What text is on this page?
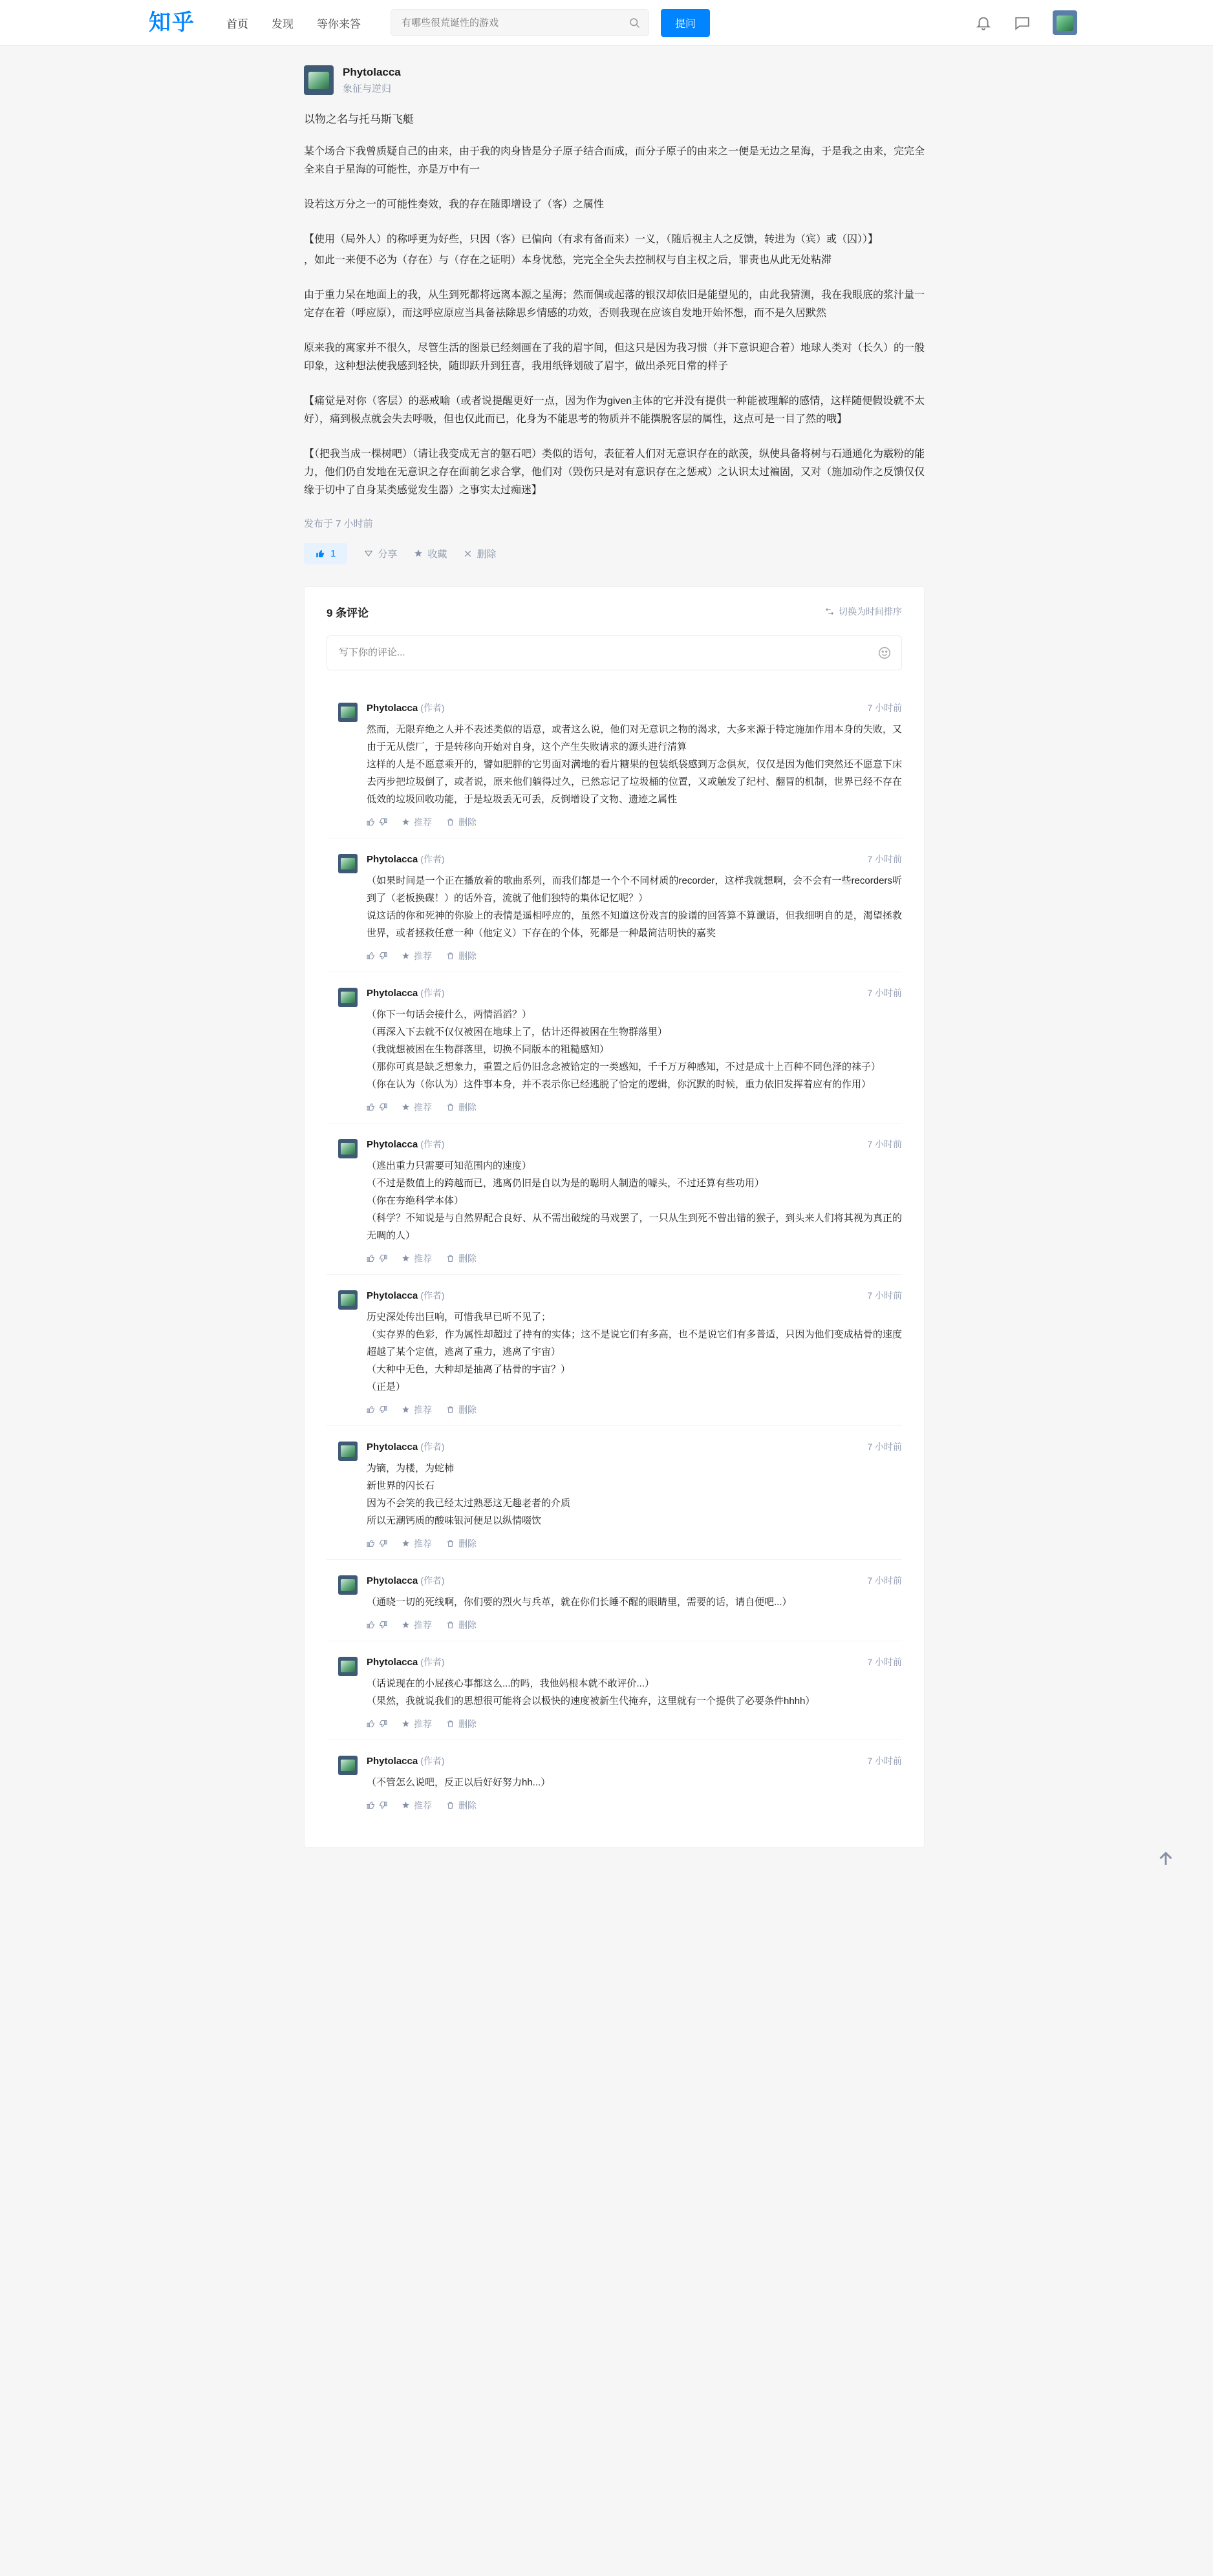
知乎	首页 发现 等你来答
有哪些很荒诞性的游戏	提问
Phytolacca
象征与逆归
以物之名与托马斯飞艇

某个场合下我曾质疑自己的由来，由于我的肉身皆是分子原子结合而成，而分子原子的由来之一便是无边之星海，于是我之由来，完完全全来自于星海的可能性，亦是万中有一

设若这万分之一的可能性奏效，我的存在随即增设了（客）之属性

【使用（局外人）的称呼更为好些，只因（客）已偏向（有求有备而来）一义，（随后视主人之反馈，转进为（宾）或（囚））】

，如此一来便不必为（存在）与（存在之证明）本身忧愁，完完全全失去控制权与自主权之后，罪责也从此无处粘滞

由于重力呆在地面上的我，从生到死都将远离本源之星海；然而偶或起落的银汉却依旧是能望见的，由此我猜测，我在我眼底的浆汁量一定存在着（呼应原），而这呼应原应当具备祛除思乡情感的功效，否则我现在应该自发地开始怀想，而不是久居默然

原来我的寓家并不很久，尽管生活的图景已经刻画在了我的眉宇间，但这只是因为我习惯（并下意识迎合着）地球人类对（长久）的一般印象，这种想法使我感到轻快，随即跃升到狂喜，我用纸锋划破了眉宇，做出杀死日常的样子

【痛觉是对你（客层）的恶戒喻（或者说提醒更好一点，因为作为given主体的它并没有提供一种能被理解的感情，这样随便假设就不太好），痛到极点就会失去呼吸，但也仅此而已，化身为不能思考的物质并不能撰脱客层的属性，这点可是一目了然的哦】

【（把我当成一棵树吧）（请让我变成无言的躯石吧）类似的语句，表征着人们对无意识存在的歆羡，纵使具备将树与石通通化为霰粉的能力，他们仍自发地在无意识之存在面前乞求合掌，他们对（毁伤只是对有意识存在之惩戒）之认识太过褊固，又对（施加动作之反馈仅仅缘于切中了自身某类感觉发生器）之事实太过痴迷】

发布于 7 小时前
1	分享	收藏	删除
9 条评论	切换为时间排序
写下你的评论...
Phytolacca (作者)	7 小时前

然而，无限弃绝之人并不表述类似的语意，或者这么说，他们对无意识之物的渴求，大多来源于特定施加作用本身的失败，又由于无从偿厂，于是转移向开始对自身，这个产生失败请求的源头进行清算

这样的人是不愿意乘开的，譬如肥胖的它男面对满地的看片糖果的包装纸袋感到万念俱灰，仅仅是因为他们突然还不愿意下床去丙步把垃圾倒了，或者说，原来他们躺得过久，已然忘记了垃圾桶的位置，又或触发了纪村、翻冒的机制，世界已经不存在低效的垃圾回收功能，于是垃圾丢无可丢，反倒增设了文物、遗迹之属性

推荐	删除
Phytolacca (作者)	7 小时前

（如果时间是一个正在播放着的歌曲系列，而我们都是一个个不同材质的recorder，这样我就想啊，会不会有一些recorders听到了（老板换碟！）的话外音，流就了他们独特的集体记忆呢？）

说这话的你和死神的你脸上的表情是遥相呼应的，虽然不知道这份戏言的脸谱的回答算不算谶语，但我细明自的是，渴望拯救世界，或者拯救任意一种（他定义）下存在的个体，死都是一种最简洁明快的嘉奖

推荐	删除
Phytolacca (作者)	7 小时前

（你下一句话会接什么，两情滔滔？）

（再深入下去就不仅仅被困在地球上了，估计还得被困在生物群落里）

（我就想被困在生物群落里，切换不同版本的粗糙感知）

（那你可真是缺乏想象力，重置之后仍旧念念被铪定的一类感知，千千万万种感知，不过是成十上百种不同色泽的袜子）

（你在认为（你认为）这件事本身，并不表示你已经逃脱了恰定的逻辑，你沉默的时候，重力依旧发挥着应有的作用）

推荐	删除
Phytolacca (作者)	7 小时前

（逃出重力只需要可知范围内的速度）

（不过是数值上的跨越而已，逃离仍旧是自以为是的聪明人制造的噱头，不过还算有些功用）

（你在夯绝科学本体）

（科学？不知说是与自然界配合良好、从不需出破绽的马戏罢了，一只从生到死不曾出错的猴子，到头来人们将其视为真正的无啁的人）

推荐	删除
Phytolacca (作者)	7 小时前

历史深处传出巨响，可惜我早已听不见了；

（实存界的色彩，作为属性却超过了持有的实体；这不是说它们有多高，也不是说它们有多普适，只因为他们变成枯骨的速度超越了某个定值，逃离了重力，逃离了宇宙）

（大种中无色，大种却是抽离了枯骨的宇宙？）

（正是）

推荐	删除
Phytolacca (作者)	7 小时前

为镝，为楼，为蛇柿

新世界的闪长石

因为不会笑的我已经太过熟恶这无趣老者的介质

所以无潮钙质的酸味银河便足以纵情啜饮

推荐	删除
Phytolacca (作者)	7 小时前

（通晓一切的死线啊，你们要的烈火与兵革，就在你们长睡不醒的眼睛里，需要的话，请自便吧...）

推荐	删除
Phytolacca (作者)	7 小时前

（话说现在的小屁孩心事都这么...的吗，我他妈根本就不敢评价...）

（果然，我就说我们的思想很可能将会以极快的速度被新生代掩弃，这里就有一个提供了必要条件hhhh）

推荐	删除
Phytolacca (作者)	7 小时前

（不管怎么说吧，反正以后好好努力hh...）

推荐	删除
